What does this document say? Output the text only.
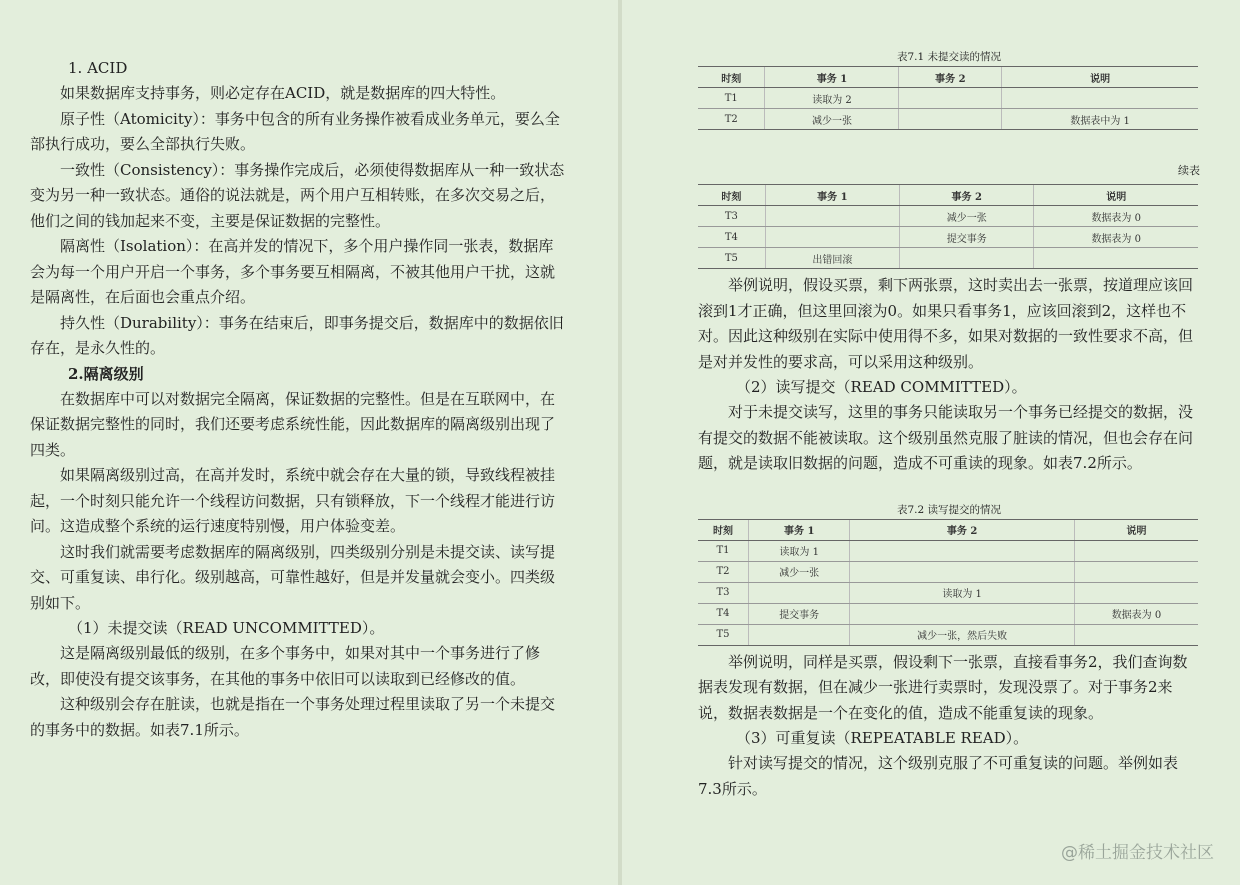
1. ACID

如果数据库支持事务，则必定存在ACID，就是数据库的四大特性。

原子性（Atomicity）：事务中包含的所有业务操作被看成业务单元，要么全部执行成功，要么全部执行失败。

一致性（Consistency）：事务操作完成后，必须使得数据库从一种一致状态变为另一种一致状态。通俗的说法就是，两个用户互相转账，在多次交易之后，他们之间的钱加起来不变，主要是保证数据的完整性。

隔离性（Isolation）：在高并发的情况下，多个用户操作同一张表，数据库会为每一个用户开启一个事务，多个事务要互相隔离，不被其他用户干扰，这就是隔离性，在后面也会重点介绍。

持久性（Durability）：事务在结束后，即事务提交后，数据库中的数据依旧存在，是永久性的。

2.隔离级别

在数据库中可以对数据完全隔离，保证数据的完整性。但是在互联网中，在保证数据完整性的同时，我们还要考虑系统性能，因此数据库的隔离级别出现了四类。

如果隔离级别过高，在高并发时，系统中就会存在大量的锁，导致线程被挂起，一个时刻只能允许一个线程访问数据，只有锁释放，下一个线程才能进行访问。这造成整个系统的运行速度特别慢，用户体验变差。

这时我们就需要考虑数据库的隔离级别，四类级别分别是未提交读、读写提交、可重复读、串行化。级别越高，可靠性越好，但是并发量就会变小。四类级别如下。

（1）未提交读（READ UNCOMMITTED）。

这是隔离级别最低的级别，在多个事务中，如果对其中一个事务进行了修改，即使没有提交该事务，在其他的事务中依旧可以读取到已经修改的值。

这种级别会存在脏读，也就是指在一个事务处理过程里读取了另一个未提交的事务中的数据。如表7.1所示。

表7.1 未提交读的情况
时刻	事务 1	事务 2	说明
T1	读取为 2		
T2	减少一张		数据表中为 1
续表
时刻	事务 1	事务 2	说明
T3		减少一张	数据表为 0
T4		提交事务	数据表为 0
T5	出错回滚		

举例说明，假设买票，剩下两张票，这时卖出去一张票，按道理应该回滚到1才正确，但这里回滚为0。如果只看事务1，应该回滚到2，这样也不对。因此这种级别在实际中使用得不多，如果对数据的一致性要求不高，但是对并发性的要求高，可以采用这种级别。

（2）读写提交（READ COMMITTED）。

对于未提交读写，这里的事务只能读取另一个事务已经提交的数据，没有提交的数据不能被读取。这个级别虽然克服了脏读的情况，但也会存在问题，就是读取旧数据的问题，造成不可重读的现象。如表7.2所示。

表7.2 读写提交的情况
时刻	事务 1	事务 2	说明
T1	读取为 1		
T2	减少一张		
T3		读取为 1	
T4	提交事务		数据表为 0
T5		减少一张，然后失败	

举例说明，同样是买票，假设剩下一张票，直接看事务2，我们查询数据表发现有数据，但在减少一张进行卖票时，发现没票了。对于事务2来说，数据表数据是一个在变化的值，造成不能重复读的现象。

（3）可重复读（REPEATABLE READ）。

针对读写提交的情况，这个级别克服了不可重复读的问题。举例如表7.3所示。

@稀土掘金技术社区
